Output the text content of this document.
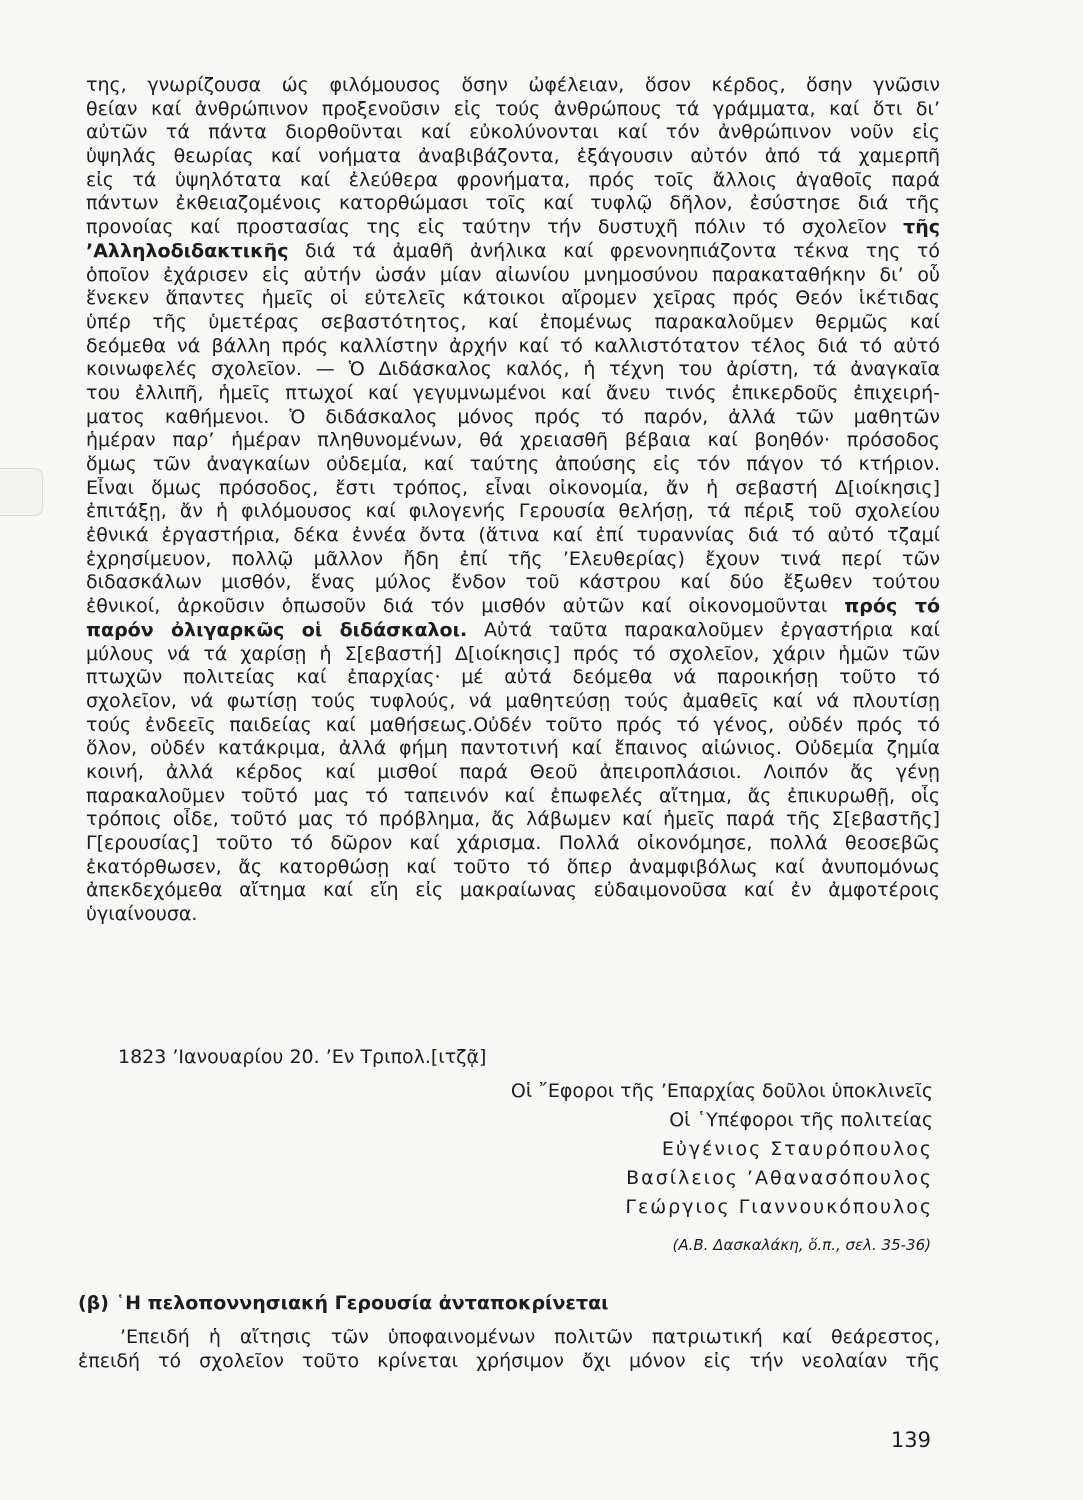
της, γνωρίζουσα ώς φιλόμουσος ὅσην ὠφέλειαν, ὅσον κέρδος, ὅσην γνῶσιν
θείαν καί ἀνθρώπινον προξενοῦσιν εἰς τούς ἀνθρώπους τά γράμματα, καί ὅτι δι’
αὐτῶν τά πάντα διορθοῦνται καί εὐκολύνονται καί τόν ἀνθρώπινον νοῦν εἰς
ὑψηλάς θεωρίας καί νοήματα ἀναβιβάζοντα, ἐξάγουσιν αὐτόν ἀπό τά χαμερπῆ
εἰς τά ὑψηλότατα καί ἐλεύθερα φρονήματα, πρός τοῖς ἄλλοις ἀγαθοῖς παρά
πάντων ἐκθειαζομένοις κατορθώμασι τοῖς καί τυφλῷ δῆλον, ἐσύστησε διά τῆς
προνοίας καί προστασίας της εἰς ταύτην τήν δυστυχῆ πόλιν τό σχολεῖον τῆς
’Αλληλοδιδακτικῆς διά τά ἀμαθῆ ἀνήλικα καί φρενονηπιάζοντα τέκνα της τό
ὁποῖον ἐχάρισεν εἰς αὐτήν ὡσάν μίαν αἰωνίου μνημοσύνου παρακαταθήκην δι’ οὗ
ἕνεκεν ἅπαντες ἡμεῖς οἱ εὐτελεῖς κάτοικοι αἴρομεν χεῖρας πρός Θεόν ἱκέτιδας
ὑπέρ τῆς ὑμετέρας σεβαστότητος, καί ἐπομένως παρακαλοῦμεν θερμῶς καί
δεόμεθα νά βάλλη πρός καλλίστην ἀρχήν καί τό καλλιστότατον τέλος διά τό αὐτό
κοινωφελές σχολεῖον. — Ὁ Διδάσκαλος καλός, ἡ τέχνη του ἀρίστη, τά ἀναγκαῖα
του ἐλλιπῆ, ἡμεῖς πτωχοί καί γεγυμνωμένοι καί ἄνευ τινός ἐπικερδοῦς ἐπιχειρή-
ματος καθήμενοι. Ὁ διδάσκαλος μόνος πρός τό παρόν, ἀλλά τῶν μαθητῶν
ἡμέραν παρ’ ἡμέραν πληθυνομένων, θά χρειασθῆ βέβαια καί βοηθόν· πρόσοδος
ὅμως τῶν ἀναγκαίων οὐδεμία, καί ταύτης ἀπούσης εἰς τόν πάγον τό κτήριον.
Εἶναι ὅμως πρόσοδος, ἔστι τρόπος, εἶναι οἰκονομία, ἄν ἡ σεβαστή Δ[ιοίκησις]
ἐπιτάξῃ, ἄν ἡ φιλόμουσος καί φιλογενής Γερουσία θελήσῃ, τά πέριξ τοῦ σχολείου
ἐθνικά ἐργαστήρια, δέκα ἐννέα ὄντα (ἅτινα καί ἐπί τυραννίας διά τό αὐτό τζαμί
ἐχρησίμευον, πολλῷ μᾶλλον ἤδη ἐπί τῆς ’Ελευθερίας) ἔχουν τινά περί τῶν
διδασκάλων μισθόν, ἕνας μύλος ἔνδον τοῦ κάστρου καί δύο ἔξωθεν τούτου
ἐθνικοί, ἀρκοῦσιν ὁπωσοῦν διά τόν μισθόν αὐτῶν καί οἰκονομοῦνται πρός τό
παρόν ὀλιγαρκῶς οἱ διδάσκαλοι. Αὐτά ταῦτα παρακαλοῦμεν ἐργαστήρια καί
μύλους νά τά χαρίσῃ ἡ Σ[εβαστή] Δ[ιοίκησις] πρός τό σχολεῖον, χάριν ἡμῶν τῶν
πτωχῶν πολιτείας καί ἐπαρχίας· μέ αὐτά δεόμεθα νά παροικήσῃ τοῦτο τό
σχολεῖον, νά φωτίσῃ τούς τυφλούς, νά μαθητεύσῃ τούς ἀμαθεῖς καί νά πλουτίσῃ
τούς ἐνδεεῖς παιδείας καί μαθήσεως.Οὐδέν τοῦτο πρός τό γένος, οὐδέν πρός τό
ὅλον, οὐδέν κατάκριμα, ἀλλά φήμη παντοτινή καί ἔπαινος αἰώνιος. Οὐδεμία ζημία
κοινή, ἀλλά κέρδος καί μισθοί παρά Θεοῦ ἀπειροπλάσιοι. Λοιπόν ἄς γένῃ
παρακαλοῦμεν τοῦτό μας τό ταπεινόν καί ἐπωφελές αἴτημα, ἄς ἐπικυρωθῇ, οἷς
τρόποις οἶδε, τοῦτό μας τό πρόβλημα, ἄς λάβωμεν καί ἡμεῖς παρά τῆς Σ[εβαστῆς]
Γ[ερουσίας] τοῦτο τό δῶρον καί χάρισμα. Πολλά οἰκονόμησε, πολλά θεοσεβῶς
ἐκατόρθωσεν, ἄς κατορθώσῃ καί τοῦτο τό ὅπερ ἀναμφιβόλως καί ἀνυπομόνως
ἀπεκδεχόμεθα αἴτημα καί εἴη εἰς μακραίωνας εὐδαιμονοῦσα καί ἐν ἀμφοτέροις
ὑγιαίνουσα.
1823 ’Ιανουαρίου 20. ’Εν Τριπολ.[ιτζᾷ]
Οἱ ῎Εφοροι τῆς ’Επαρχίας δοῦλοι ὑποκλινεῖς
Οἱ ῾Υπέφοροι τῆς πολιτείας
Εὐγένιος Σταυρόπουλος
Βασίλειος ’Αθανασόπουλος
Γεώργιος Γιαννουκόπουλος
(Α.Β. Δασκαλάκη, ὅ.π., σελ. 35-36)
(β) ῾Η πελοποννησιακή Γερουσία ἀνταποκρίνεται
’Επειδή ἡ αἴτησις τῶν ὑποφαινομένων πολιτῶν πατριωτική καί θεάρεστος,
ἐπειδή τό σχολεῖον τοῦτο κρίνεται χρήσιμον ὄχι μόνον εἰς τήν νεολαίαν τῆς
139
